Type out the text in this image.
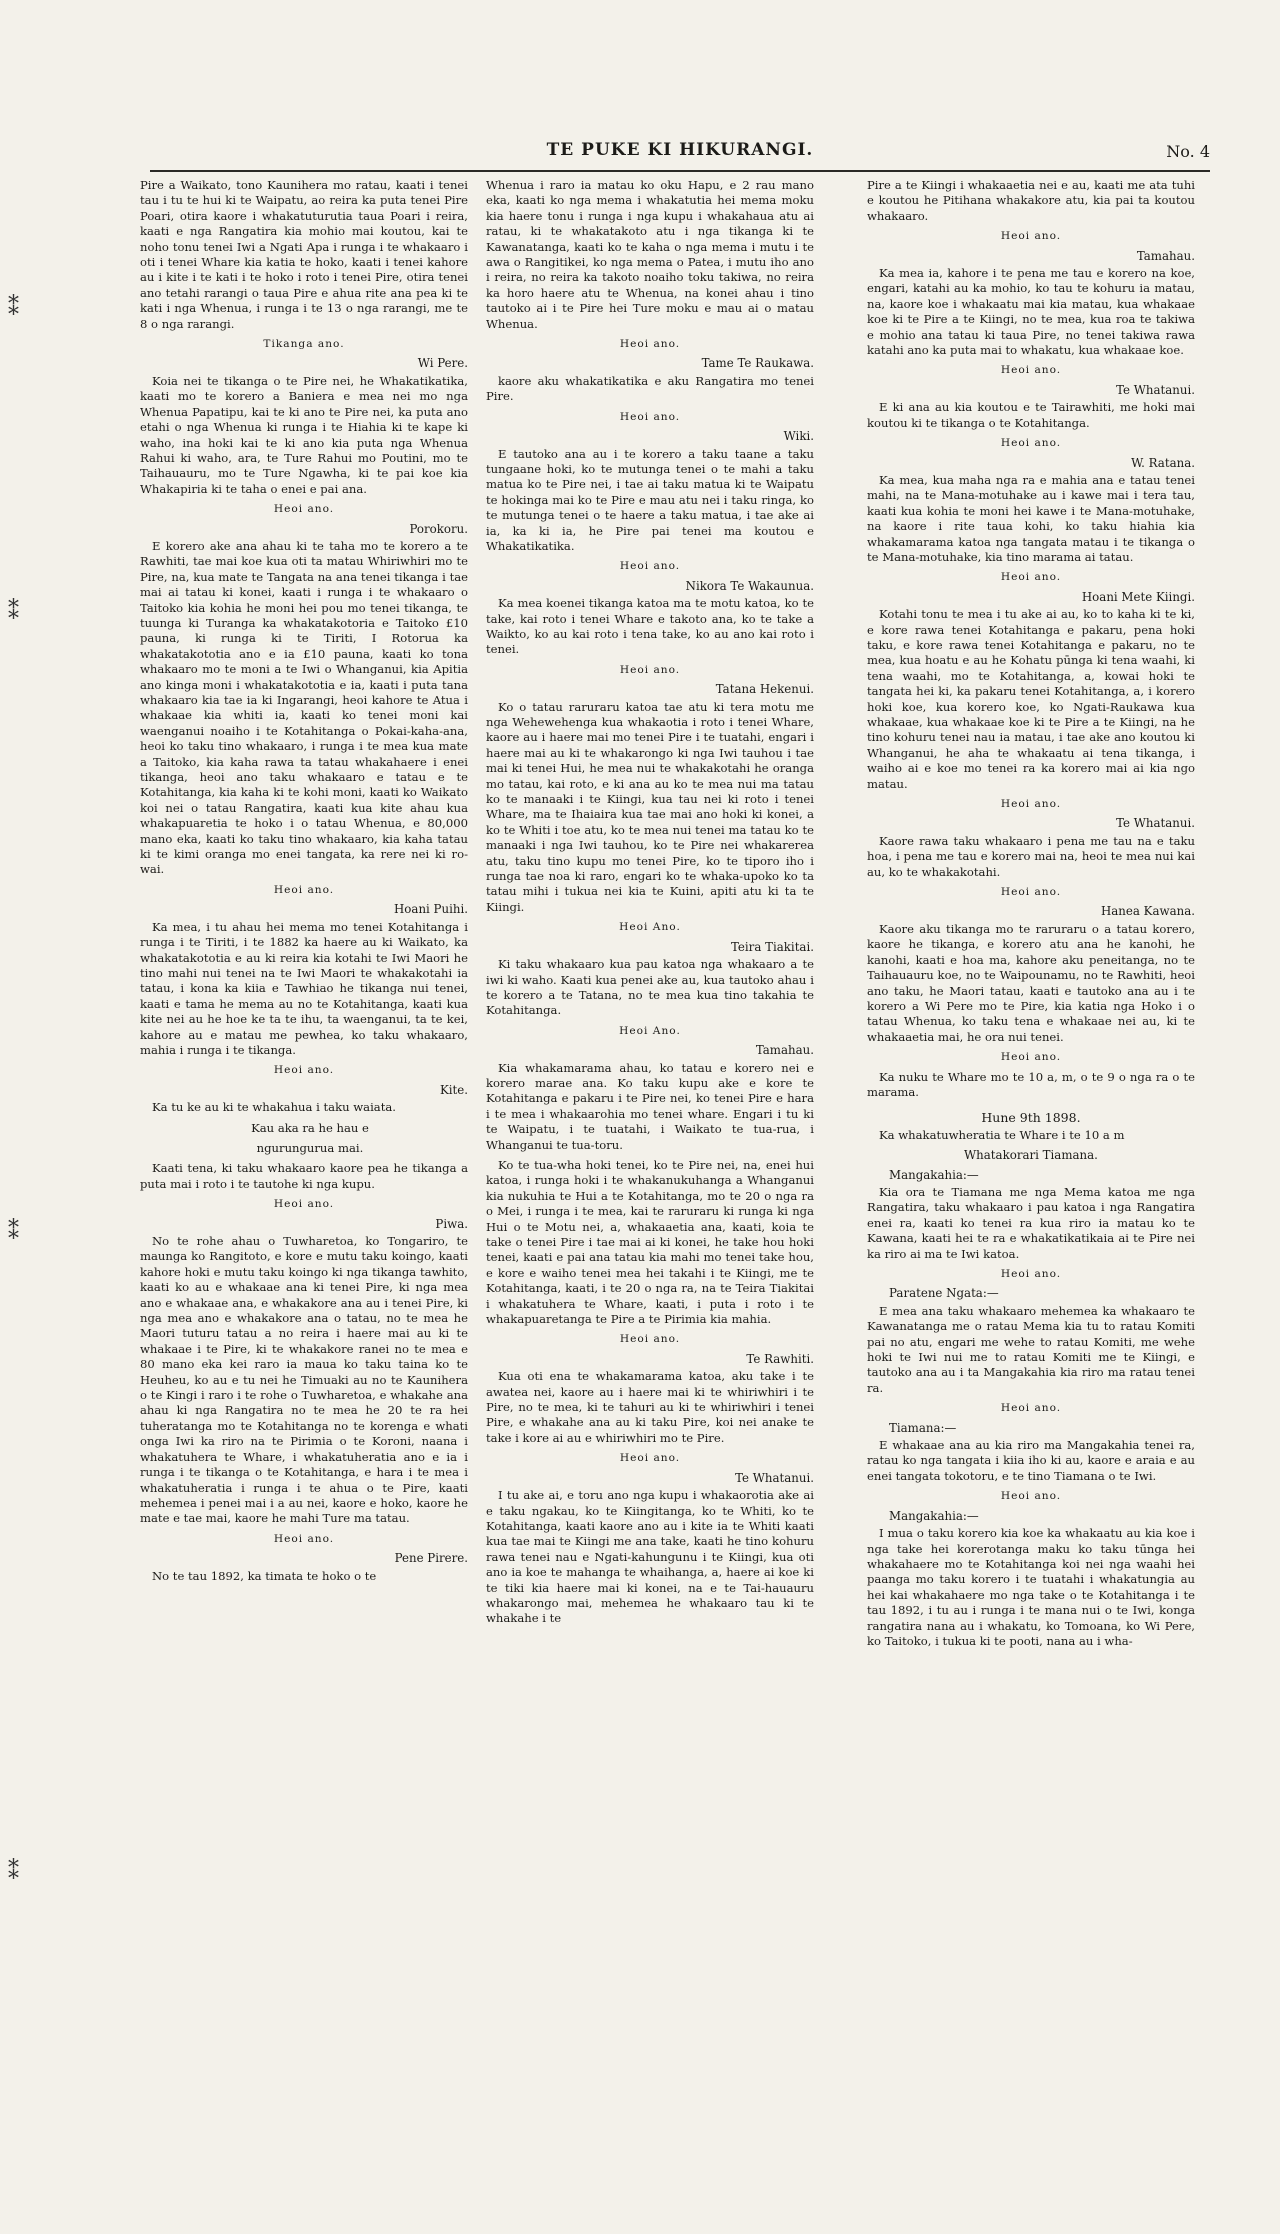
⁑
⁑
⁑
⁑
TE PUKE KI HIKURANGI.	No. 4

Pire a Waikato, tono Kaunihera mo ratau, kaati i tenei tau i tu te hui ki te Waipatu, ao reira ka puta tenei Pire Poari, otira kaore i whakatuturutia taua Poari i reira, kaati e nga Rangatira kia mohio mai koutou, kai te noho tonu tenei Iwi a Ngati Apa i runga i te whakaaro i oti i tenei Whare kia katia te hoko, kaati i tenei kahore au i kite i te kati i te hoko i roto i tenei Pire, otira tenei ano tetahi rarangi o taua Pire e ahua rite ana pea ki te kati i nga Whenua, i runga i te 13 o nga rarangi, me te 8 o nga rarangi.

Tikanga ano.
Wi Pere.

Koia nei te tikanga o te Pire nei, he Whakatikatika, kaati mo te korero a Baniera e mea nei mo nga Whenua Papatipu, kai te ki ano te Pire nei, ka puta ano etahi o nga Whenua ki runga i te Hiahia ki te kape ki waho, ina hoki kai te ki ano kia puta nga Whenua Rahui ki waho, ara, te Ture Rahui mo Poutini, mo te Taihauauru, mo te Ture Ngawha, ki te pai koe kia Whakapiria ki te taha o enei e pai ana.

Heoi ano.
Porokoru.

E korero ake ana ahau ki te taha mo te korero a te Rawhiti, tae mai koe kua oti ta matau Whiriwhiri mo te Pire, na, kua mate te Tangata na ana tenei tikanga i tae mai ai tatau ki konei, kaati i runga i te whakaaro o Taitoko kia kohia he moni hei pou mo tenei tikanga, te tuunga ki Turanga ka whakatakotoria e Taitoko £10 pauna, ki runga ki te Tiriti, I Rotorua ka whakatakototia ano e ia £10 pauna, kaati ko tona whakaaro mo te moni a te Iwi o Whanganui, kia Apitia ano kinga moni i whakatakototia e ia, kaati i puta tana whakaaro kia tae ia ki Ingarangi, heoi kahore te Atua i whakaae kia whiti ia, kaati ko tenei moni kai waenganui noaiho i te Kotahitanga o Pokai-kaha-ana, heoi ko taku tino whakaaro, i runga i te mea kua mate a Taitoko, kia kaha rawa ta tatau whakahaere i enei tikanga, heoi ano taku whakaaro e tatau e te Kotahitanga, kia kaha ki te kohi moni, kaati ko Waikato koi nei o tatau Rangatira, kaati kua kite ahau kua whakapuaretia te hoko i o tatau Whenua, e 80,000 mano eka, kaati ko taku tino whakaaro, kia kaha tatau ki te kimi oranga mo enei tangata, ka rere nei ki ro-wai.

Heoi ano.
Hoani Puihi.

Ka mea, i tu ahau hei mema mo tenei Kotahitanga i runga i te Tiriti, i te 1882 ka haere au ki Waikato, ka whakatakototia e au ki reira kia kotahi te Iwi Maori he tino mahi nui tenei na te Iwi Maori te whakakotahi ia tatau, i kona ka kiia e Tawhiao he tikanga nui tenei, kaati e tama he mema au no te Kotahitanga, kaati kua kite nei au he hoe ke ta te ihu, ta waenganui, ta te kei, kahore au e matau me pewhea, ko taku whakaaro, mahia i runga i te tikanga.

Heoi ano.
Kite.

Ka tu ke au ki te whakahua i taku waiata.

Kau aka ra he hau e

ngurungurua mai.

Kaati tena, ki taku whakaaro kaore pea he tikanga a puta mai i roto i te tautohe ki nga kupu.

Heoi ano.
Piwa.

No te rohe ahau o Tuwharetoa, ko Tongariro, te maunga ko Rangitoto, e kore e mutu taku koingo, kaati kahore hoki e mutu taku koingo ki nga tikanga tawhito, kaati ko au e whakaae ana ki tenei Pire, ki nga mea ano e whakaae ana, e whakakore ana au i tenei Pire, ki nga mea ano e whakakore ana o tatau, no te mea he Maori tuturu tatau a no reira i haere mai au ki te whakaae i te Pire, ki te whakakore ranei no te mea e 80 mano eka kei raro ia maua ko taku taina ko te Heuheu, ko au e tu nei he Timuaki au no te Kaunihera o te Kingi i raro i te rohe o Tuwharetoa, e whakahe ana ahau ki nga Rangatira no te mea he 20 te ra hei tuheratanga mo te Kotahitanga no te korenga e whati onga Iwi ka riro na te Pirimia o te Koroni, naana i whakatuhera te Whare, i whakatuheratia ano e ia i runga i te tikanga o te Kotahitanga, e hara i te mea i whakatuheratia i runga i te ahua o te Pire, kaati mehemea i penei mai i a au nei, kaore e hoko, kaore he mate e tae mai, kaore he mahi Ture ma tatau.

Heoi ano.
Pene Pirere.

No te tau 1892, ka timata te hoko o te

Whenua i raro ia matau ko oku Hapu, e 2 rau mano eka, kaati ko nga mema i whakatutia hei mema moku kia haere tonu i runga i nga kupu i whakahaua atu ai ratau, ki te whakatakoto atu i nga tikanga ki te Kawanatanga, kaati ko te kaha o nga mema i mutu i te awa o Rangitikei, ko nga mema o Patea, i mutu iho ano i reira, no reira ka takoto noaiho toku takiwa, no reira ka horo haere atu te Whenua, na konei ahau i tino tautoko ai i te Pire hei Ture moku e mau ai o matau Whenua.

Heoi ano.
Tame Te Raukawa.

kaore aku whakatikatika e aku Rangatira mo tenei Pire.

Heoi ano.
Wiki.

E tautoko ana au i te korero a taku taane a taku tungaane hoki, ko te mutunga tenei o te mahi a taku matua ko te Pire nei, i tae ai taku matua ki te Waipatu te hokinga mai ko te Pire e mau atu nei i taku ringa, ko te mutunga tenei o te haere a taku matua, i tae ake ai ia, ka ki ia, he Pire pai tenei ma koutou e Whakatikatika.

Heoi ano.
Nikora Te Wakaunua.

Ka mea koenei tikanga katoa ma te motu katoa, ko te take, kai roto i tenei Whare e takoto ana, ko te take a Waikto, ko au kai roto i tena take, ko au ano kai roto i tenei.

Heoi ano.
Tatana Hekenui.

Ko o tatau raruraru katoa tae atu ki tera motu me nga Wehewehenga kua whakaotia i roto i tenei Whare, kaore au i haere mai mo tenei Pire i te tuatahi, engari i haere mai au ki te whakarongo ki nga Iwi tauhou i tae mai ki tenei Hui, he mea nui te whakakotahi he oranga mo tatau, kai roto, e ki ana au ko te mea nui ma tatau ko te manaaki i te Kiingi, kua tau nei ki roto i tenei Whare, ma te Ihaiaira kua tae mai ano hoki ki konei, a ko te Whiti i toe atu, ko te mea nui tenei ma tatau ko te manaaki i nga Iwi tauhou, ko te Pire nei whakarerea atu, taku tino kupu mo tenei Pire, ko te tiporo iho i runga tae noa ki raro, engari ko te whaka-upoko ko ta tatau mihi i tukua nei kia te Kuini, apiti atu ki ta te Kiingi.

Heoi Ano.
Teira Tiakitai.

Ki taku whakaaro kua pau katoa nga whakaaro a te iwi ki waho. Kaati kua penei ake au, kua tautoko ahau i te korero a te Tatana, no te mea kua tino takahia te Kotahitanga.

Heoi Ano.
Tamahau.

Kia whakamarama ahau, ko tatau e korero nei e korero marae ana. Ko taku kupu ake e kore te Kotahitanga e pakaru i te Pire nei, ko tenei Pire e hara i te mea i whakaarohia mo tenei whare. Engari i tu ki te Waipatu, i te tuatahi, i Waikato te tua-rua, i Whanganui te tua-toru.

Ko te tua-wha hoki tenei, ko te Pire nei, na, enei hui katoa, i runga hoki i te whakanukuhanga a Whanganui kia nukuhia te Hui a te Kotahitanga, mo te 20 o nga ra o Mei, i runga i te mea, kai te raruraru ki runga ki nga Hui o te Motu nei, a, whakaaetia ana, kaati, koia te take o tenei Pire i tae mai ai ki konei, he take hou hoki tenei, kaati e pai ana tatau kia mahi mo tenei take hou, e kore e waiho tenei mea hei takahi i te Kiingi, me te Kotahitanga, kaati, i te 20 o nga ra, na te Teira Tiakitai i whakatuhera te Whare, kaati, i puta i roto i te whakapuaretanga te Pire a te Pirimia kia mahia.

Heoi ano.
Te Rawhiti.

Kua oti ena te whakamarama katoa, aku take i te awatea nei, kaore au i haere mai ki te whiriwhiri i te Pire, no te mea, ki te tahuri au ki te whiriwhiri i tenei Pire, e whakahe ana au ki taku Pire, koi nei anake te take i kore ai au e whiriwhiri mo te Pire.

Heoi ano.
Te Whatanui.

I tu ake ai, e toru ano nga kupu i whakaorotia ake ai e taku ngakau, ko te Kiingitanga, ko te Whiti, ko te Kotahitanga, kaati kaore ano au i kite ia te Whiti kaati kua tae mai te Kiingi me ana take, kaati he tino kohuru rawa tenei nau e Ngati-kahungunu i te Kiingi, kua oti ano ia koe te mahanga te whaihanga, a, haere ai koe ki te tiki kia haere mai ki konei, na e te Tai-hauauru whakarongo mai, mehemea he whakaaro tau ki te whakahe i te

Pire a te Kiingi i whakaaetia nei e au, kaati me ata tuhi e koutou he Pitihana whakakore atu, kia pai ta koutou whakaaro.

Heoi ano.
Tamahau.

Ka mea ia, kahore i te pena me tau e korero na koe, engari, katahi au ka mohio, ko tau te kohuru ia matau, na, kaore koe i whakaatu mai kia matau, kua whakaae koe ki te Pire a te Kiingi, no te mea, kua roa te takiwa e mohio ana tatau ki taua Pire, no tenei takiwa rawa katahi ano ka puta mai to whakatu, kua whakaae koe.

Heoi ano.
Te Whatanui.

E ki ana au kia koutou e te Tairawhiti, me hoki mai koutou ki te tikanga o te Kotahitanga.

Heoi ano.
W. Ratana.

Ka mea, kua maha nga ra e mahia ana e tatau tenei mahi, na te Mana-motuhake au i kawe mai i tera tau, kaati kua kohia te moni hei kawe i te Mana-motuhake, na kaore i rite taua kohi, ko taku hiahia kia whakamarama katoa nga tangata matau i te tikanga o te Mana-motuhake, kia tino marama ai tatau.

Heoi ano.
Hoani Mete Kiingi.

Kotahi tonu te mea i tu ake ai au, ko to kaha ki te ki, e kore rawa tenei Kotahitanga e pakaru, pena hoki taku, e kore rawa tenei Kotahitanga e pakaru, no te mea, kua hoatu e au he Kohatu pūnga ki tena waahi, ki tena waahi, mo te Kotahitanga, a, kowai hoki te tangata hei ki, ka pakaru tenei Kotahitanga, a, i korero hoki koe, kua korero koe, ko Ngati-Raukawa kua whakaae, kua whakaae koe ki te Pire a te Kiingi, na he tino kohuru tenei nau ia matau, i tae ake ano koutou ki Whanganui, he aha te whakaatu ai tena tikanga, i waiho ai e koe mo tenei ra ka korero mai ai kia ngo matau.

Heoi ano.
Te Whatanui.

Kaore rawa taku whakaaro i pena me tau na e taku hoa, i pena me tau e korero mai na, heoi te mea nui kai au, ko te whakakotahi.

Heoi ano.
Hanea Kawana.

Kaore aku tikanga mo te raruraru o a tatau korero, kaore he tikanga, e korero atu ana he kanohi, he kanohi, kaati e hoa ma, kahore aku peneitanga, no te Taihauauru koe, no te Waipounamu, no te Rawhiti, heoi ano taku, he Maori tatau, kaati e tautoko ana au i te korero a Wi Pere mo te Pire, kia katia nga Hoko i o tatau Whenua, ko taku tena e whakaae nei au, ki te whakaaetia mai, he ora nui tenei.

Heoi ano.

Ka nuku te Whare mo te 10 a, m, o te 9 o nga ra o te marama.

Hune 9th 1898.

Ka whakatuwheratia te Whare i te 10 a m

Whatakorari Tiamana.
Mangakahia:—

Kia ora te Tiamana me nga Mema katoa me nga Rangatira, taku whakaaro i pau katoa i nga Rangatira enei ra, kaati ko tenei ra kua riro ia matau ko te Kawana, kaati hei te ra e whakatikatikaia ai te Pire nei ka riro ai ma te Iwi katoa.

Heoi ano.
Paratene Ngata:—

E mea ana taku whakaaro mehemea ka whakaaro te Kawanatanga me o ratau Mema kia tu to ratau Komiti pai no atu, engari me wehe to ratau Komiti, me wehe hoki te Iwi nui me to ratau Komiti me te Kiingi, e tautoko ana au i ta Mangakahia kia riro ma ratau tenei ra.

Heoi ano.
Tiamana:—

E whakaae ana au kia riro ma Mangakahia tenei ra, ratau ko nga tangata i kiia iho ki au, kaore e araia e au enei tangata tokotoru, e te tino Tiamana o te Iwi.

Heoi ano.
Mangakahia:—

I mua o taku korero kia koe ka whakaatu au kia koe i nga take hei korerotanga maku ko taku tūnga hei whakahaere mo te Kotahitanga koi nei nga waahi hei paanga mo taku korero i te tuatahi i whakatungia au hei kai whakahaere mo nga take o te Kotahitanga i te tau 1892, i tu au i runga i te mana nui o te Iwi, konga rangatira nana au i whakatu, ko Tomoana, ko Wi Pere, ko Taitoko, i tukua ki te pooti, nana au i wha-
